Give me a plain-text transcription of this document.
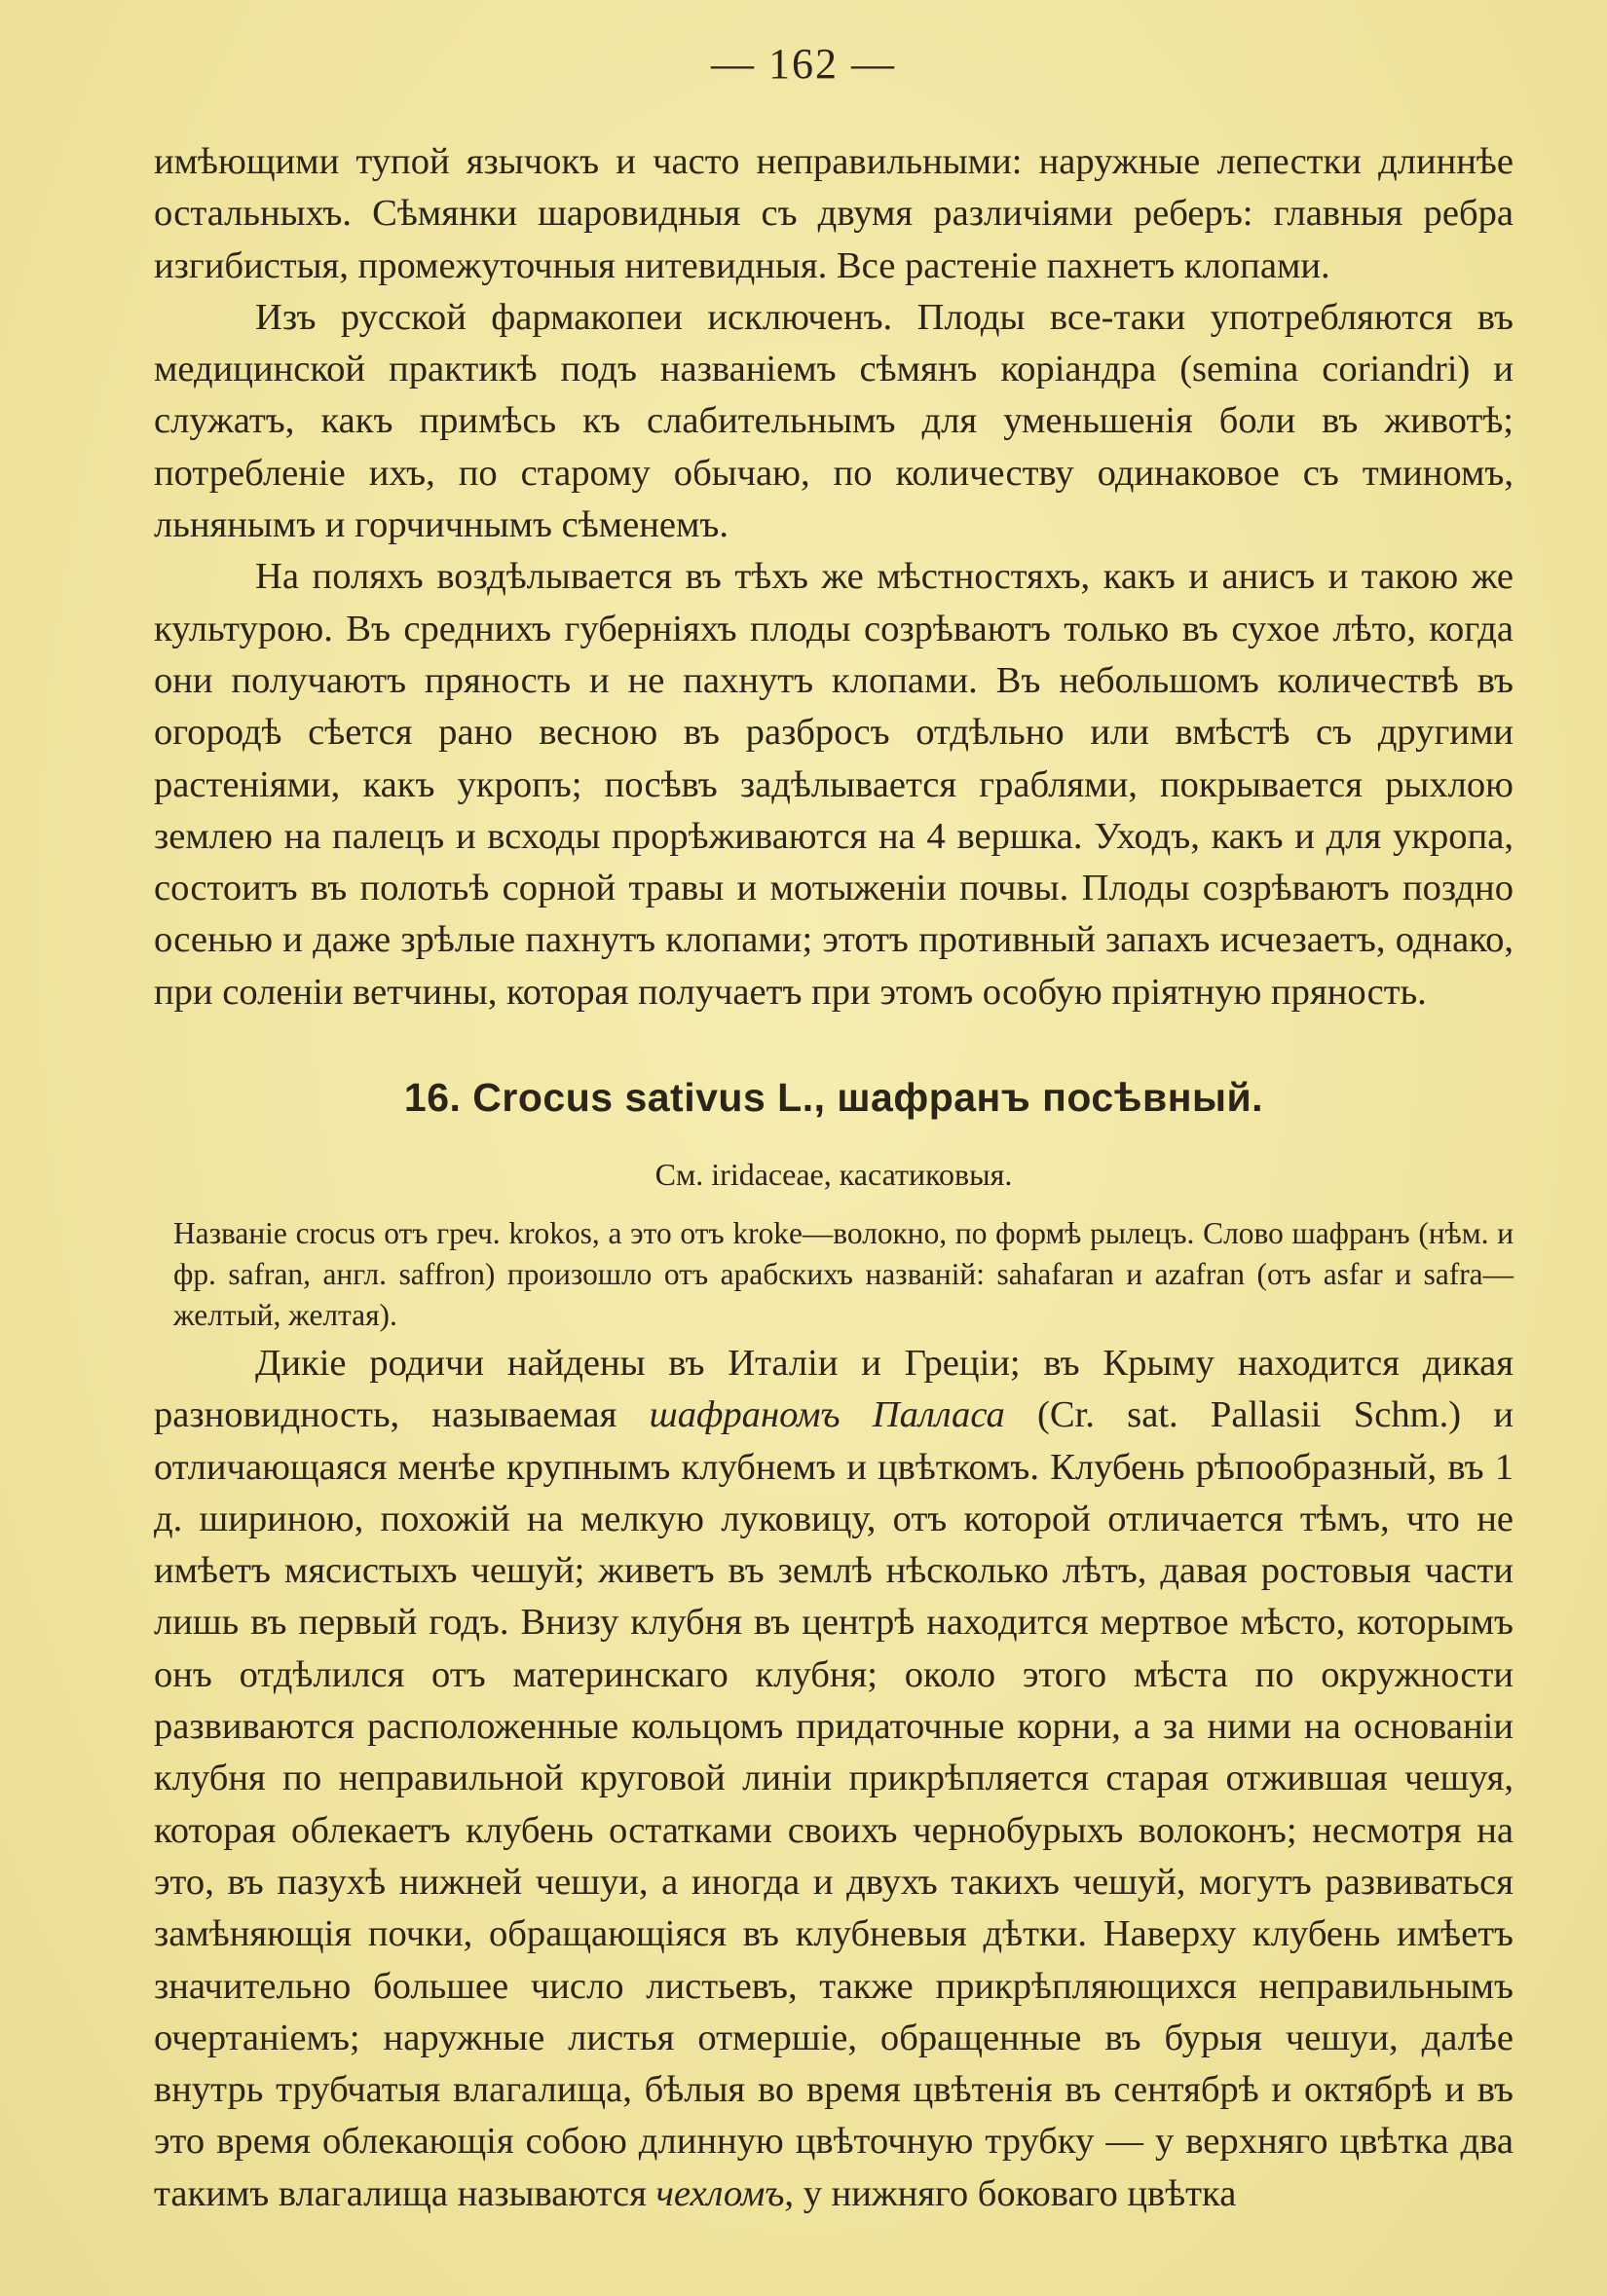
— 162 —

имѣющими тупой язычокъ и часто неправильными: наружные лепестки длиннѣе остальныхъ. Сѣмянки шаровидныя съ двумя различіями реберъ: главныя ребра изгибистыя, промежуточныя нитевидныя. Все растеніе пахнетъ клопами.

Изъ русской фармакопеи исключенъ. Плоды все-таки употребляются въ медицинской практикѣ подъ названіемъ сѣмянъ коріандра (semina coriandri) и служатъ, какъ примѣсь къ слабительнымъ для уменьшенія боли въ животѣ; потребленіе ихъ, по старому обычаю, по количеству одинаковое съ тминомъ, льнянымъ и горчичнымъ сѣменемъ.

На поляхъ воздѣлывается въ тѣхъ же мѣстностяхъ, какъ и анисъ и такою же культурою. Въ среднихъ губерніяхъ плоды созрѣваютъ только въ сухое лѣто, когда они получаютъ пряность и не пахнутъ клопами. Въ небольшомъ количествѣ въ огородѣ сѣется рано весною въ разбросъ отдѣльно или вмѣстѣ съ другими растеніями, какъ укропъ; посѣвъ задѣлывается граблями, покрывается рыхлою землею на палецъ и всходы прорѣживаются на 4 вершка. Уходъ, какъ и для укропа, состоитъ въ полотьѣ сорной травы и мотыженіи почвы. Плоды созрѣваютъ поздно осенью и даже зрѣлые пахнутъ клопами; этотъ противный запахъ исчезаетъ, однако, при соленіи ветчины, которая получаетъ при этомъ особую пріятную пряность.

16. Crocus sativus L., шафранъ посѣвный.
См. iridaceae, касатиковыя.

Названіе crocus отъ греч. krokos, а это отъ kroke—волокно, по формѣ рылецъ. Слово шафранъ (нѣм. и фр. safran, англ. saffron) произошло отъ арабскихъ названій: sahafaran и azafran (отъ asfar и safra—желтый, желтая).

Дикіе родичи найдены въ Италіи и Греціи; въ Крыму находится дикая разновидность, называемая шафраномъ Палласа (Cr. sat. Pallasii Schm.) и отличающаяся менѣе крупнымъ клубнемъ и цвѣткомъ. Клубень рѣпообразный, въ 1 д. шириною, похожій на мелкую луковицу, отъ которой отличается тѣмъ, что не имѣетъ мясистыхъ чешуй; живетъ въ землѣ нѣсколько лѣтъ, давая ростовыя части лишь въ первый годъ. Внизу клубня въ центрѣ находится мертвое мѣсто, которымъ онъ отдѣлился отъ материнскаго клубня; около этого мѣста по окружности развиваются расположенные кольцомъ придаточные корни, а за ними на основаніи клубня по неправильной круговой линіи прикрѣпляется старая отжившая чешуя, которая облекаетъ клубень остатками своихъ чернобурыхъ волоконъ; несмотря на это, въ пазухѣ нижней чешуи, а иногда и двухъ такихъ чешуй, могутъ развиваться замѣняющія почки, обращающіяся въ клубневыя дѣтки. Наверху клубень имѣетъ значительно большее число листьевъ, также прикрѣпляющихся неправильнымъ очертаніемъ; наружные листья отмершіе, обращенные въ бурыя чешуи, далѣе внутрь трубчатыя влагалища, бѣлыя во время цвѣтенія въ сентябрѣ и октябрѣ и въ это время облекающія собою длинную цвѣточную трубку — у верхняго цвѣтка два такимъ влагалища называются чехломъ, у нижняго боковаго цвѣтка
